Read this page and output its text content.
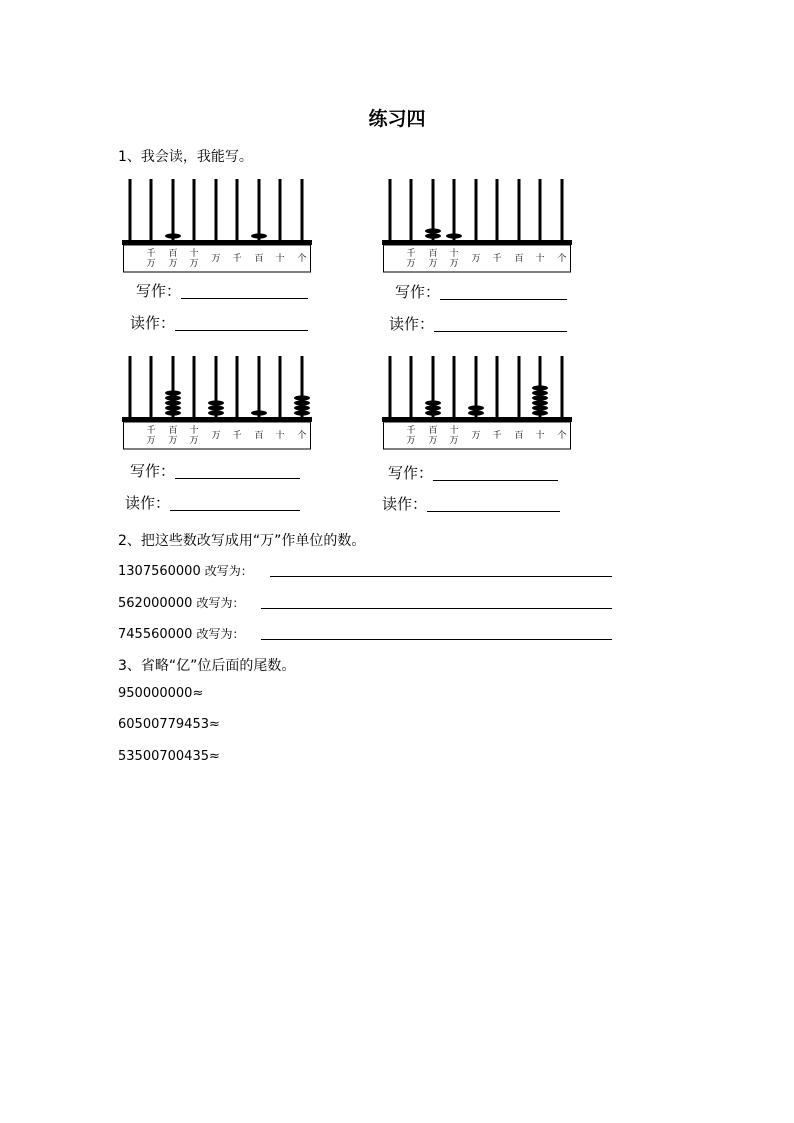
练习四
1、我会读，我能写。
千万
百万
十万 万 千 百 十 个
写作：
读作：
千万
百万
十万 万 千 百 十 个
写作：
读作：
千万
百万
十万 万 千 百 十 个
写作：
读作：
千万
百万
十万 万 千 百 十 个
写作：
读作：
2、把这些数改写成用“万”作单位的数。
1307560000 改写为：
562000000 改写为：
745560000 改写为：
3、省略“亿”位后面的尾数。
950000000≈
60500779453≈
53500700435≈
